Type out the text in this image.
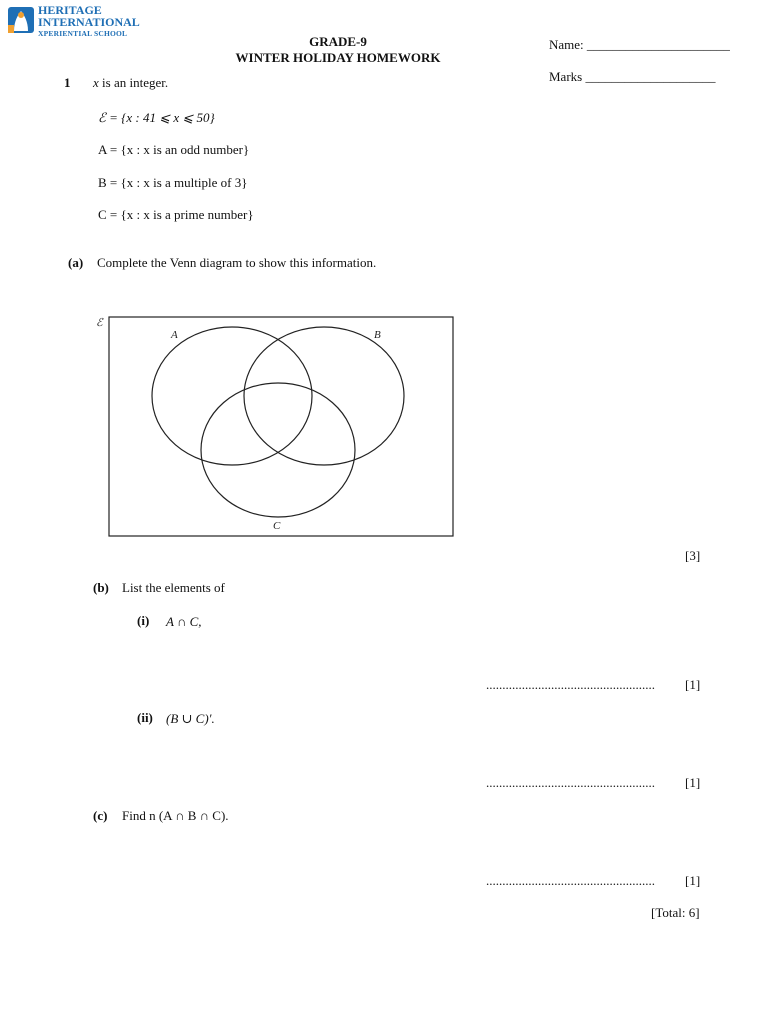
HERITAGE
INTERNATIONAL
XPERIENTIAL SCHOOL
GRADE-9
WINTER HOLIDAY HOMEWORK
Name: ______________________
Marks ____________________
1 x is an integer.
ℰ = {x : 41 ⩽ x ⩽ 50}
A = {x : x is an odd number}
B = {x : x is a multiple of 3}
C = {x : x is a prime number}
(a) Complete the Venn diagram to show this information.
ℰ
A	B
C
[3]
(b) List the elements of
(i) A ∩ C,
.................................................... [1]
(ii) (B ∪ C)′.
.................................................... [1]
(c) Find n (A ∩ B ∩ C).
.................................................... [1]
[Total: 6]
